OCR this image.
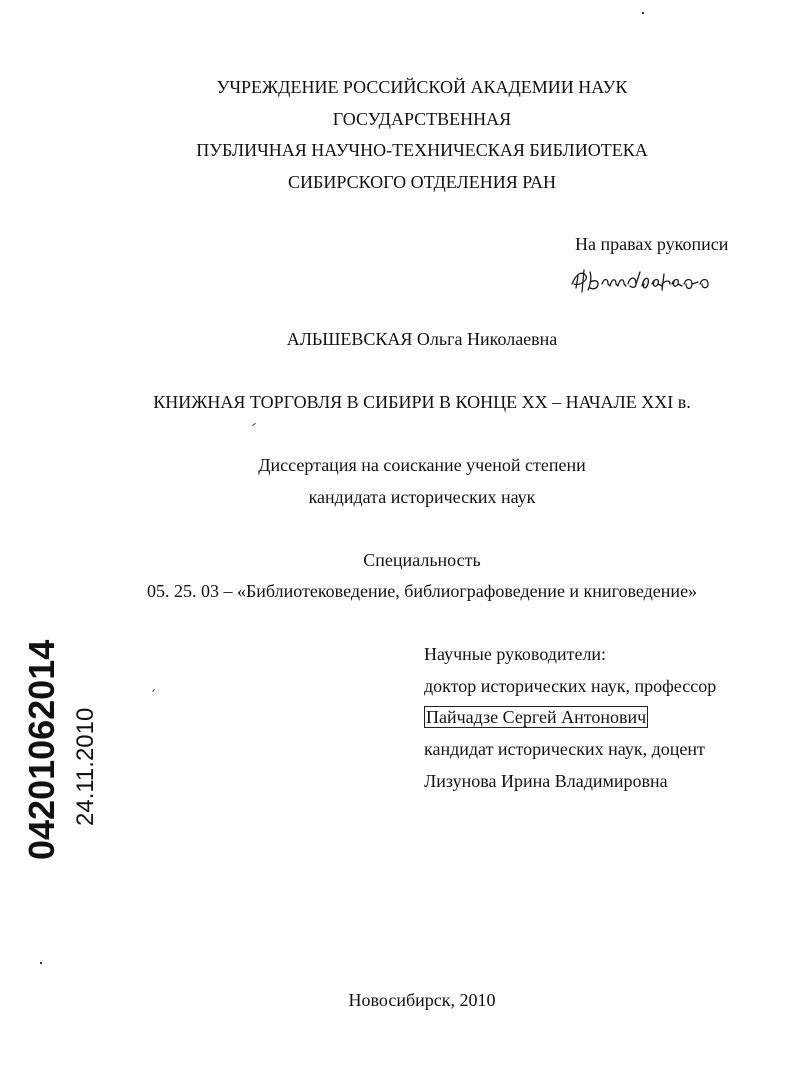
УЧРЕЖДЕНИЕ РОССИЙСКОЙ АКАДЕМИИ НАУК
ГОСУДАРСТВЕННАЯ
ПУБЛИЧНАЯ НАУЧНО-ТЕХНИЧЕСКАЯ БИБЛИОТЕКА
СИБИРСКОГО ОТДЕЛЕНИЯ РАН
На правах рукописи
АЛЬШЕВСКАЯ Ольга Николаевна
КНИЖНАЯ ТОРГОВЛЯ В СИБИРИ В КОНЦЕ XX – НАЧАЛЕ XXI в.
Диссертация на соискание ученой степени
кандидата исторических наук
Специальность
05. 25. 03 – «Библиотековедение, библиографоведение и книговедение»
Научные руководители:
доктор исторических наук, профессор
Пайчадзе Сергей Антонович
кандидат исторических наук, доцент
Лизунова Ирина Владимировна
Новосибирск, 2010
04201062014 24.11.2010
